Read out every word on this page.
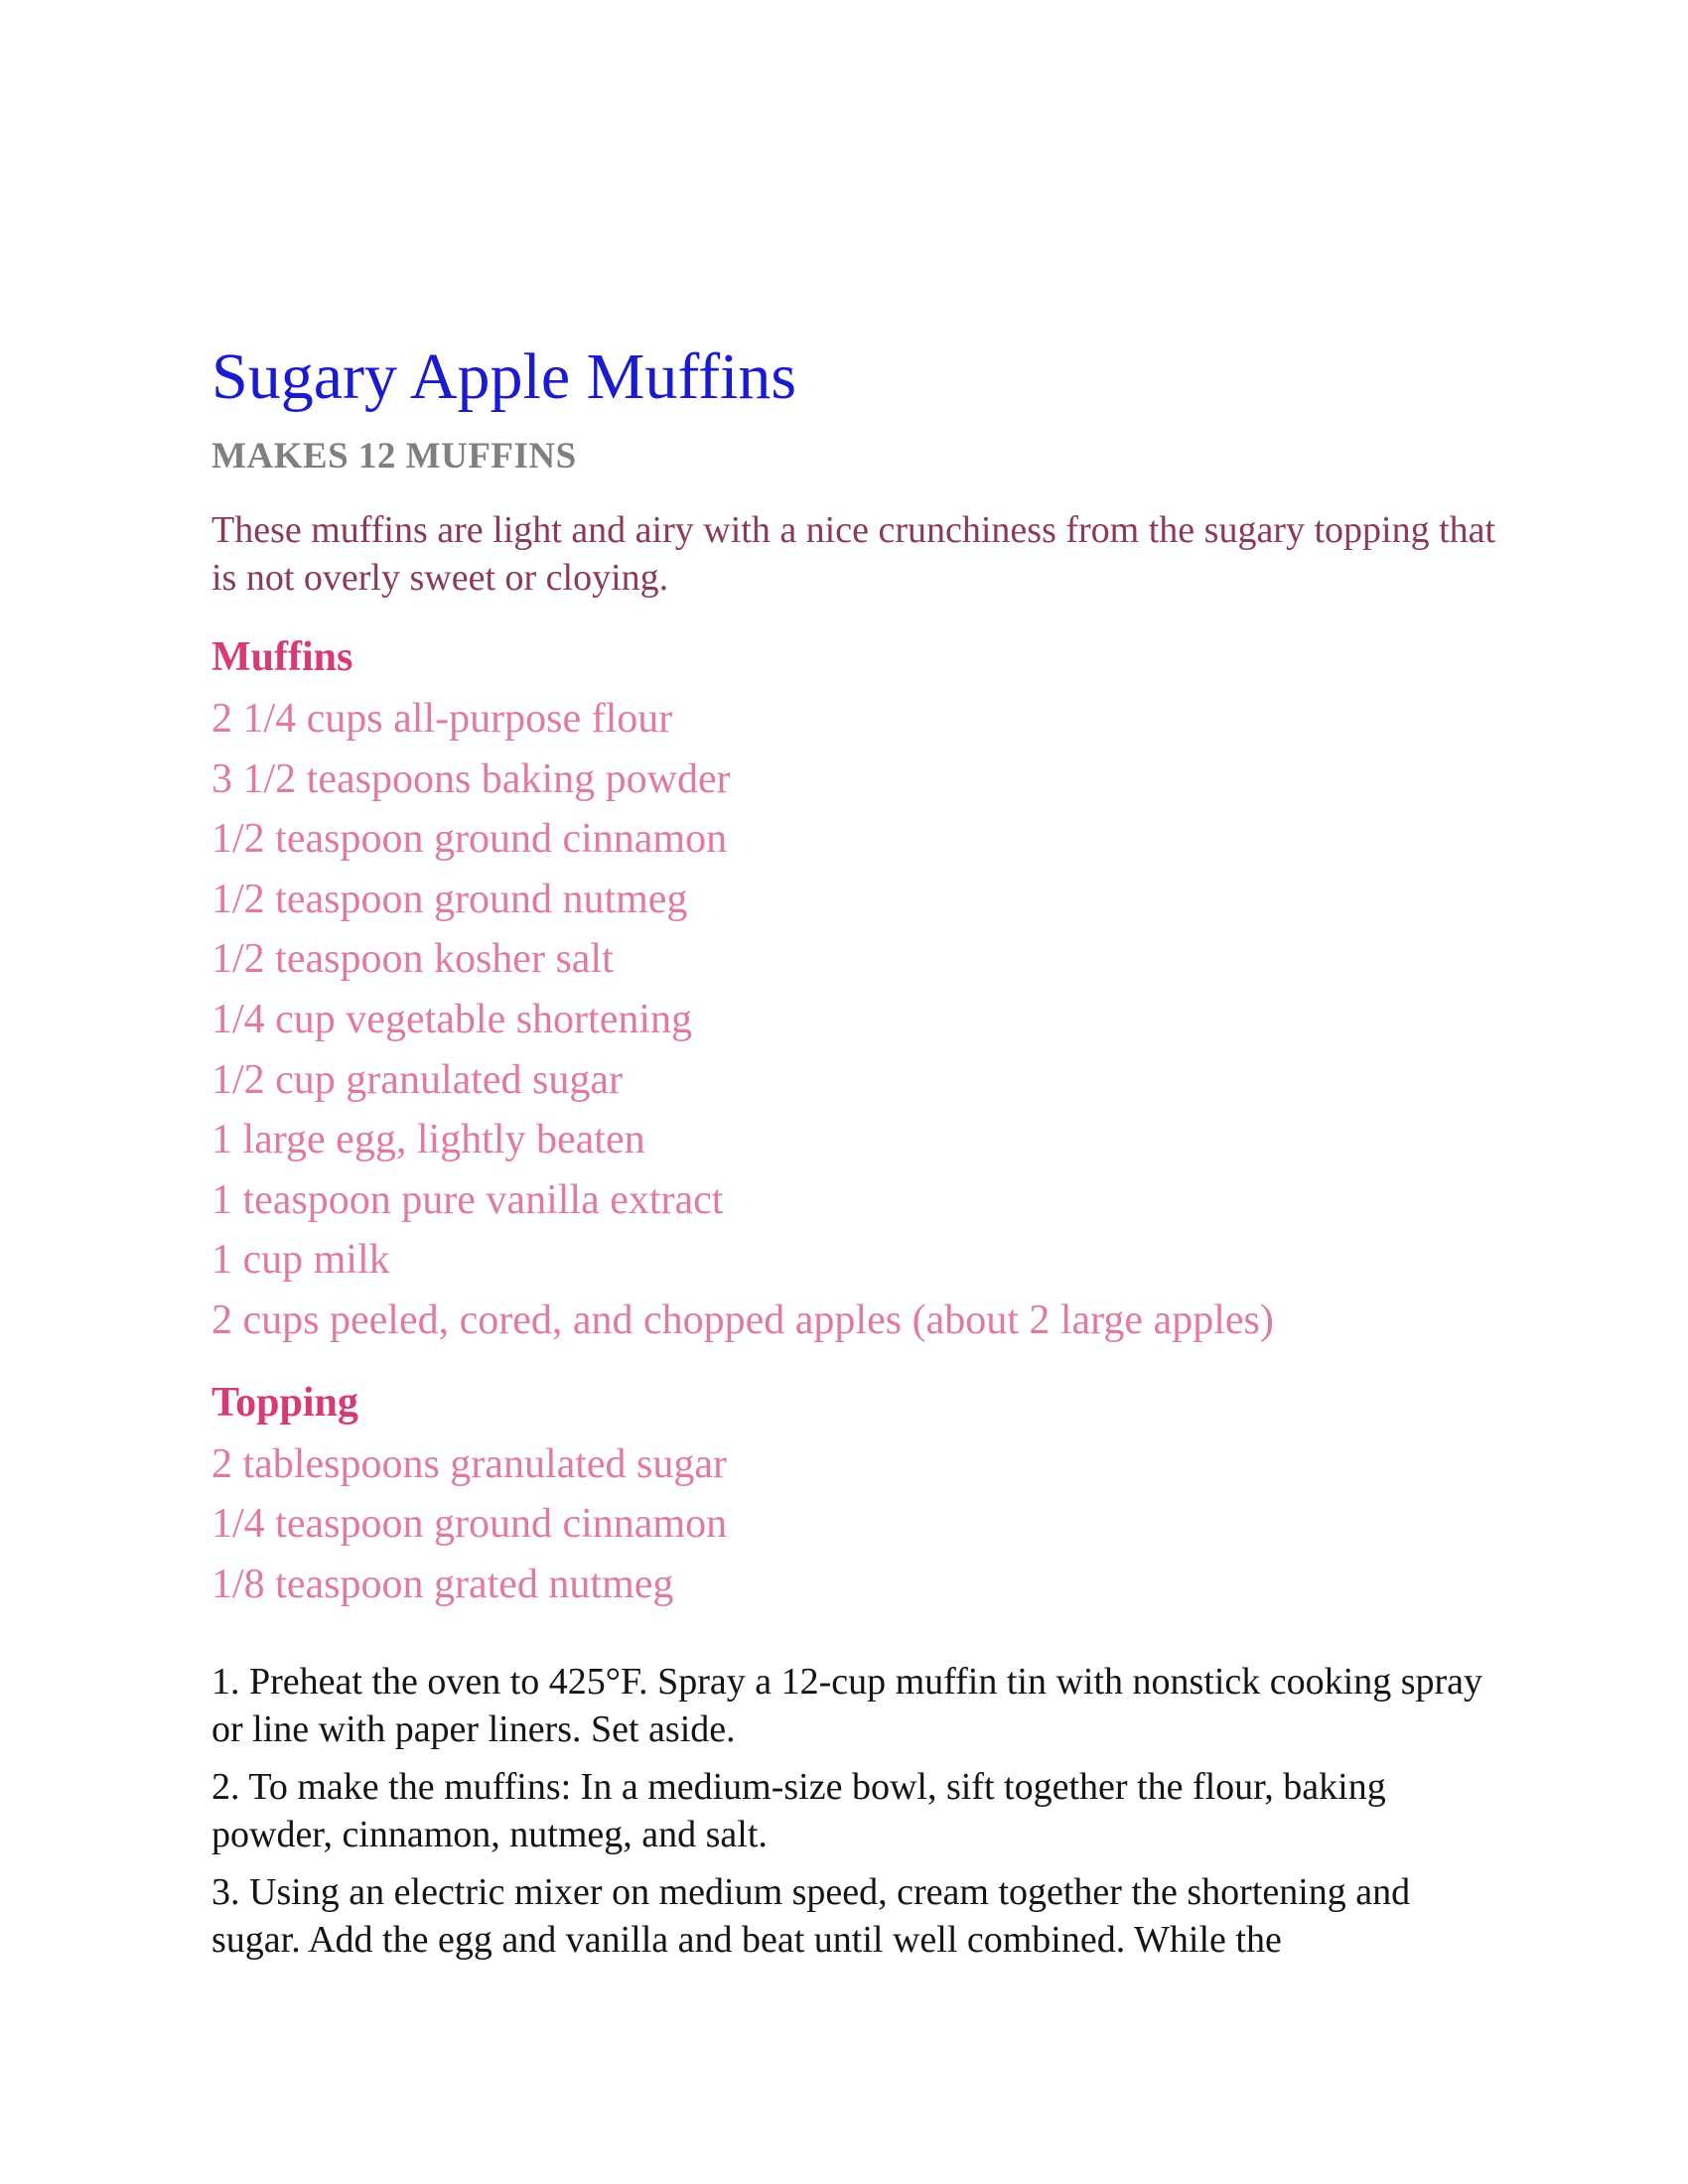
Sugary Apple Muffins
MAKES 12 MUFFINS

These muffins are light and airy with a nice crunchiness from the sugary topping that is not overly sweet or cloying.

Muffins
2 1/4 cups all-purpose flour
3 1/2 teaspoons baking powder
1/2 teaspoon ground cinnamon
1/2 teaspoon ground nutmeg
1/2 teaspoon kosher salt
1/4 cup vegetable shortening
1/2 cup granulated sugar
1 large egg, lightly beaten
1 teaspoon pure vanilla extract
1 cup milk
2 cups peeled, cored, and chopped apples (about 2 large apples)
Topping
2 tablespoons granulated sugar
1/4 teaspoon ground cinnamon
1/8 teaspoon grated nutmeg

1. Preheat the oven to 425°F. Spray a 12-cup muffin tin with nonstick cooking spray or line with paper liners. Set aside.

2. To make the muffins: In a medium-size bowl, sift together the flour, baking powder, cinnamon, nutmeg, and salt.

3. Using an electric mixer on medium speed, cream together the shortening and sugar. Add the egg and vanilla and beat until well combined. While the
